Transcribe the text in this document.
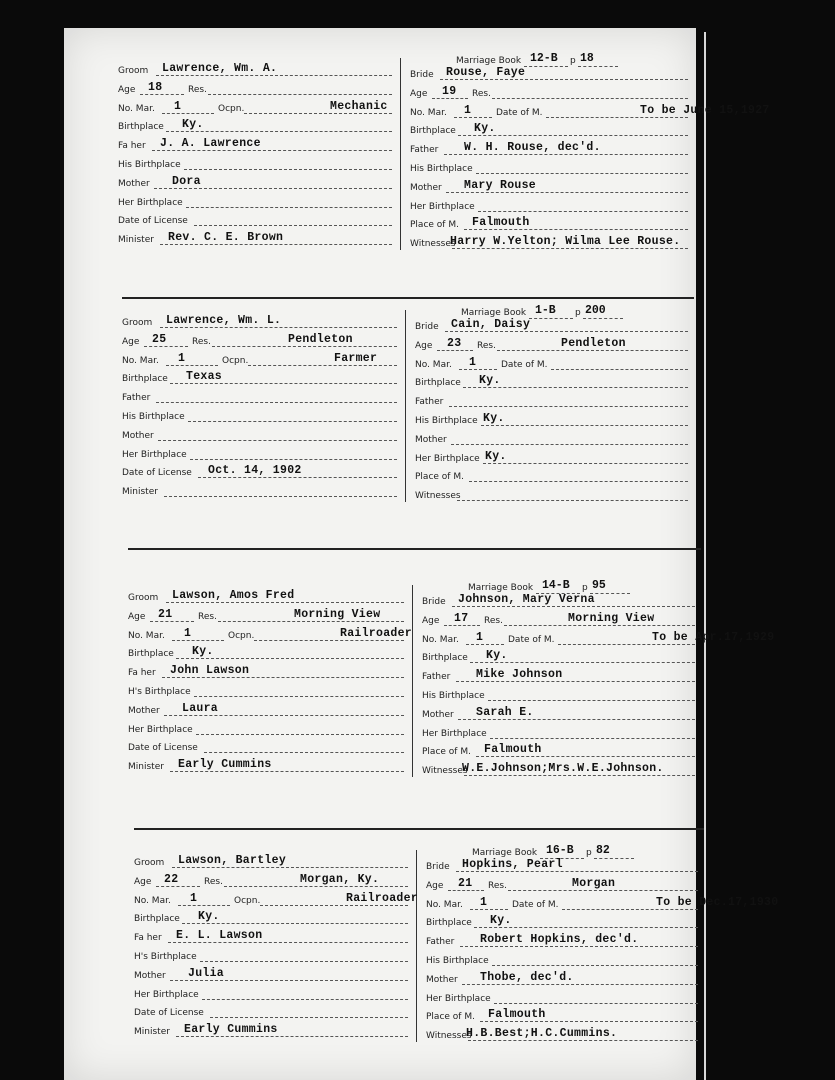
Groom Lawrence, Wm. A.
Age 18	Res.
No. Mar. 1	Ocpn.	Mechanic
Birthplace Ky.
Fa her J. A. Lawrence
His Birthplace
Mother Dora
Her Birthplace
Date of License
Minister Rev. C. E. Brown
Marriage Book 12-B p 18
Bride Rouse, Faye
Age 19 Res.
No. Mar. 1	Date of M.	To be June 15,1927
Birthplace Ky.
Father W. H. Rouse, dec'd.
His Birthplace
Mother Mary Rouse
Her Birthplace
Place of M. Falmouth
Witnesses
Harry W.Yelton; Wilma Lee Rouse.
Groom Lawrence, Wm. L.
Age 25	Res.	Pendleton
No. Mar. 1	Ocpn.	Farmer
Birthplace Texas
Father
His Birthplace
Mother
Her Birthplace
Date of License Oct. 14, 1902
Minister
Marriage Book 1-B p 200
Bride Cain, Daisy
Age 23 Res.	Pendleton
No. Mar. 1	Date of M.
Birthplace Ky.
Father
His Birthplace Ky.
Mother
Her Birthplace Ky.
Place of M.
Witnesses
Groom Lawson, Amos Fred
Age 21	Res.	Morning View
No. Mar. 1	Ocpn.	Railroader
Birthplace Ky.
Fa her John Lawson
H's Birthplace
Mother Laura
Her Birthplace
Date of License
Minister Early Cummins
Marriage Book 14-B p 95
Bride Johnson, Mary Verna
Age 17 Res.	Morning View
No. Mar. 1	Date of M.	To be Apr.17,1929
Birthplace Ky.
Father Mike Johnson
His Birthplace
Mother Sarah E.
Her Birthplace
Place of M. Falmouth
Witnesses
W.E.Johnson;Mrs.W.E.Johnson.
Groom Lawson, Bartley
Age 22	Res.	Morgan, Ky.
No. Mar. 1	Ocpn.	Railroader
Birthplace Ky.
Fa her E. L. Lawson
H's Birthplace
Mother Julia
Her Birthplace
Date of License
Minister Early Cummins
Marriage Book 16-B p 82
Bride Hopkins, Pearl
Age 21 Res.	Morgan
No. Mar. 1	Date of M.	To be Dec.17,1930
Birthplace Ky.
Father Robert Hopkins, dec'd.
His Birthplace
Mother Thobe, dec'd.
Her Birthplace
Place of M. Falmouth
Witnesses
H.B.Best;H.C.Cummins.
